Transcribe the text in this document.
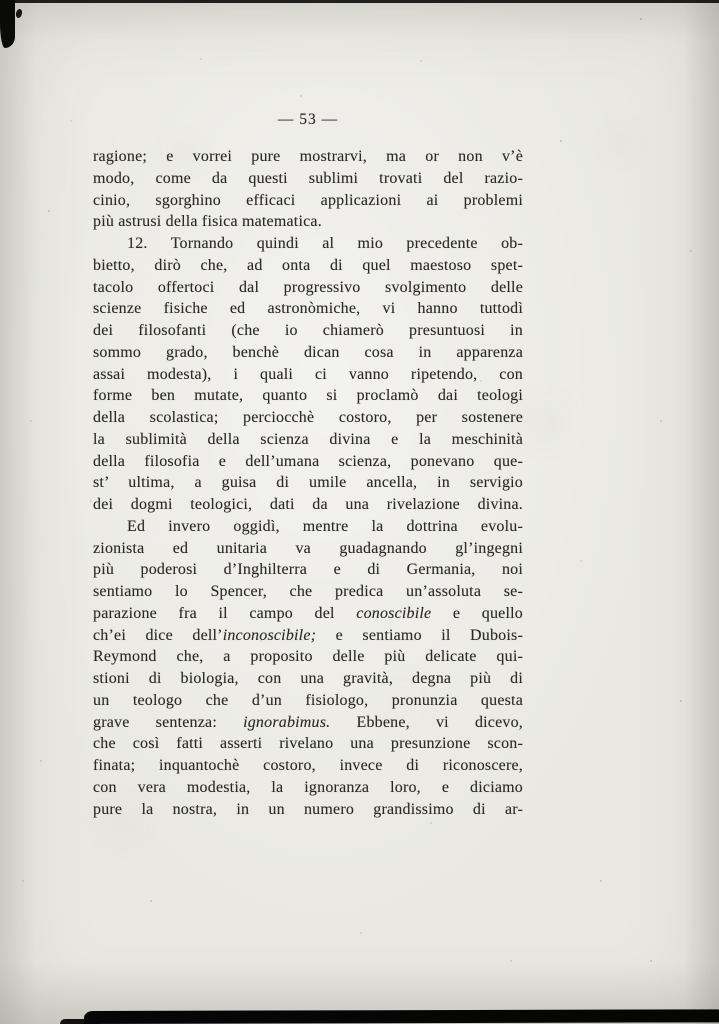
— 53 —
ragione; e vorrei pure mostrarvi, ma or non v’è
modo, come da questi sublimi trovati del razio-
cinio, sgorghino efficaci applicazioni ai problemi
più astrusi della fisica matematica.
12. Tornando quindi al mio precedente ob-
bietto, dirò che, ad onta di quel maestoso spet-
tacolo offertoci dal progressivo svolgimento delle
scienze fisiche ed astronòmiche, vi hanno tuttodì
dei filosofanti (che io chiamerò presuntuosi in
sommo grado, benchè dican cosa in apparenza
assai modesta), i quali ci vanno ripetendo, con
forme ben mutate, quanto si proclamò dai teologi
della scolastica; perciocchè costoro, per sostenere
la sublimità della scienza divina e la meschinità
della filosofia e dell’umana scienza, ponevano que-
st’ ultima, a guisa di umile ancella, in servigio
dei dogmi teologici, dati da una rivelazione divina.
Ed invero oggidì, mentre la dottrina evolu-
zionista ed unitaria va guadagnando gl’ingegni
più poderosi d’Inghilterra e di Germania, noi
sentiamo lo Spencer, che predica un’assoluta se-
parazione fra il campo del conoscibile e quello
ch’ei dice dell’inconoscibile; e sentiamo il Dubois-
Reymond che, a proposito delle più delicate qui-
stioni di biologia, con una gravità, degna più di
un teologo che d’un fisiologo, pronunzia questa
grave sentenza: ignorabimus. Ebbene, vi dicevo,
che così fatti asserti rivelano una presunzione scon-
finata; inquantochè costoro, invece di riconoscere,
con vera modestia, la ignoranza loro, e diciamo
pure la nostra, in un numero grandissimo di ar-
